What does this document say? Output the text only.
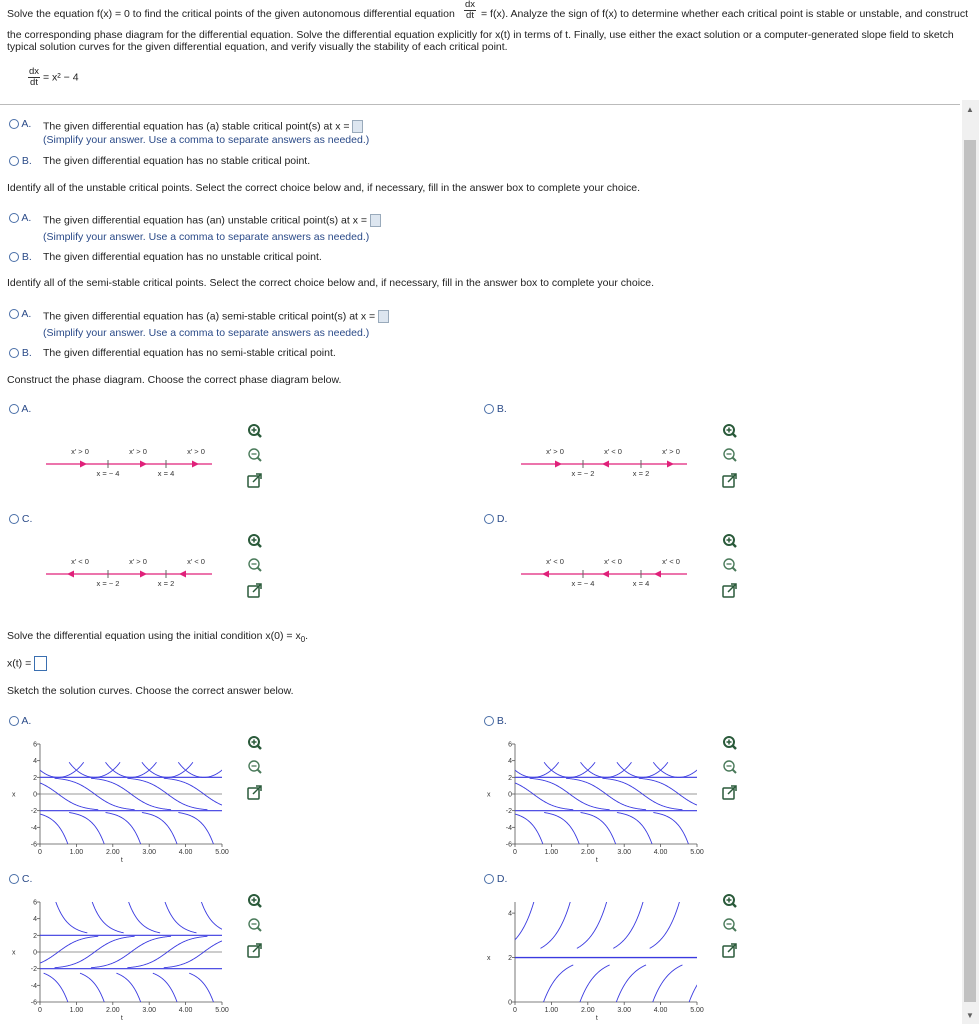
Solve the equation f(x) = 0 to find the critical points of the given autonomous differential equation $\frac{dx}{dt} = f(x)$. Analyze the sign of f(x) to determine whether each critical point is stable or unstable, and construct
the corresponding phase diagram for the differential equation. Solve the differential equation explicitly for x(t) in terms of t. Finally, use either the exact solution or a computer-generated slope field to sketch
typical solution curves for the given differential equation, and verify visually the stability of each critical point.
$\frac{dx}{dt} = x^2 - 4$
A. The given differential equation has (a) stable critical point(s) at x =
(Simplify your answer. Use a comma to separate answers as needed.)
B. The given differential equation has no stable critical point.
Identify all of the unstable critical points. Select the correct choice below and, if necessary, fill in the answer box to complete your choice.
A. The given differential equation has (an) unstable critical point(s) at x =
(Simplify your answer. Use a comma to separate answers as needed.)
B. The given differential equation has no unstable critical point.
Identify all of the semi-stable critical points. Select the correct choice below and, if necessary, fill in the answer box to complete your choice.
A. The given differential equation has (a) semi-stable critical point(s) at x =
(Simplify your answer. Use a comma to separate answers as needed.)
B. The given differential equation has no semi-stable critical point.
Construct the phase diagram. Choose the correct phase diagram below.
A.
x = − 4	x = 4
x′ > 0	x′ > 0	x′ > 0
B.
x = − 2	x = 2
x′ > 0	x′ < 0	x′ > 0
C.
x = − 2	x = 2
x′ < 0	x′ > 0	x′ < 0
D.
x = − 4	x = 4
x′ < 0	x′ < 0	x′ < 0
Solve the differential equation using the initial condition $x(0) = x_0$.
x(t) =
Sketch the solution curves. Choose the correct answer below.
A.
6
4
2
0
-2
-4
-6
0	1.00	2.00	3.00	4.00	5.00
x
t
B.
6
4
2
0
-2
-4
-6
0	1.00	2.00	3.00	4.00	5.00
x
t
C.
6
4
2
0
-2
-4
-6
0	1.00	2.00	3.00	4.00	5.00
x
t
D.
4
2
0
0	1.00	2.00	3.00	4.00	5.00
x
t
▲
▼
